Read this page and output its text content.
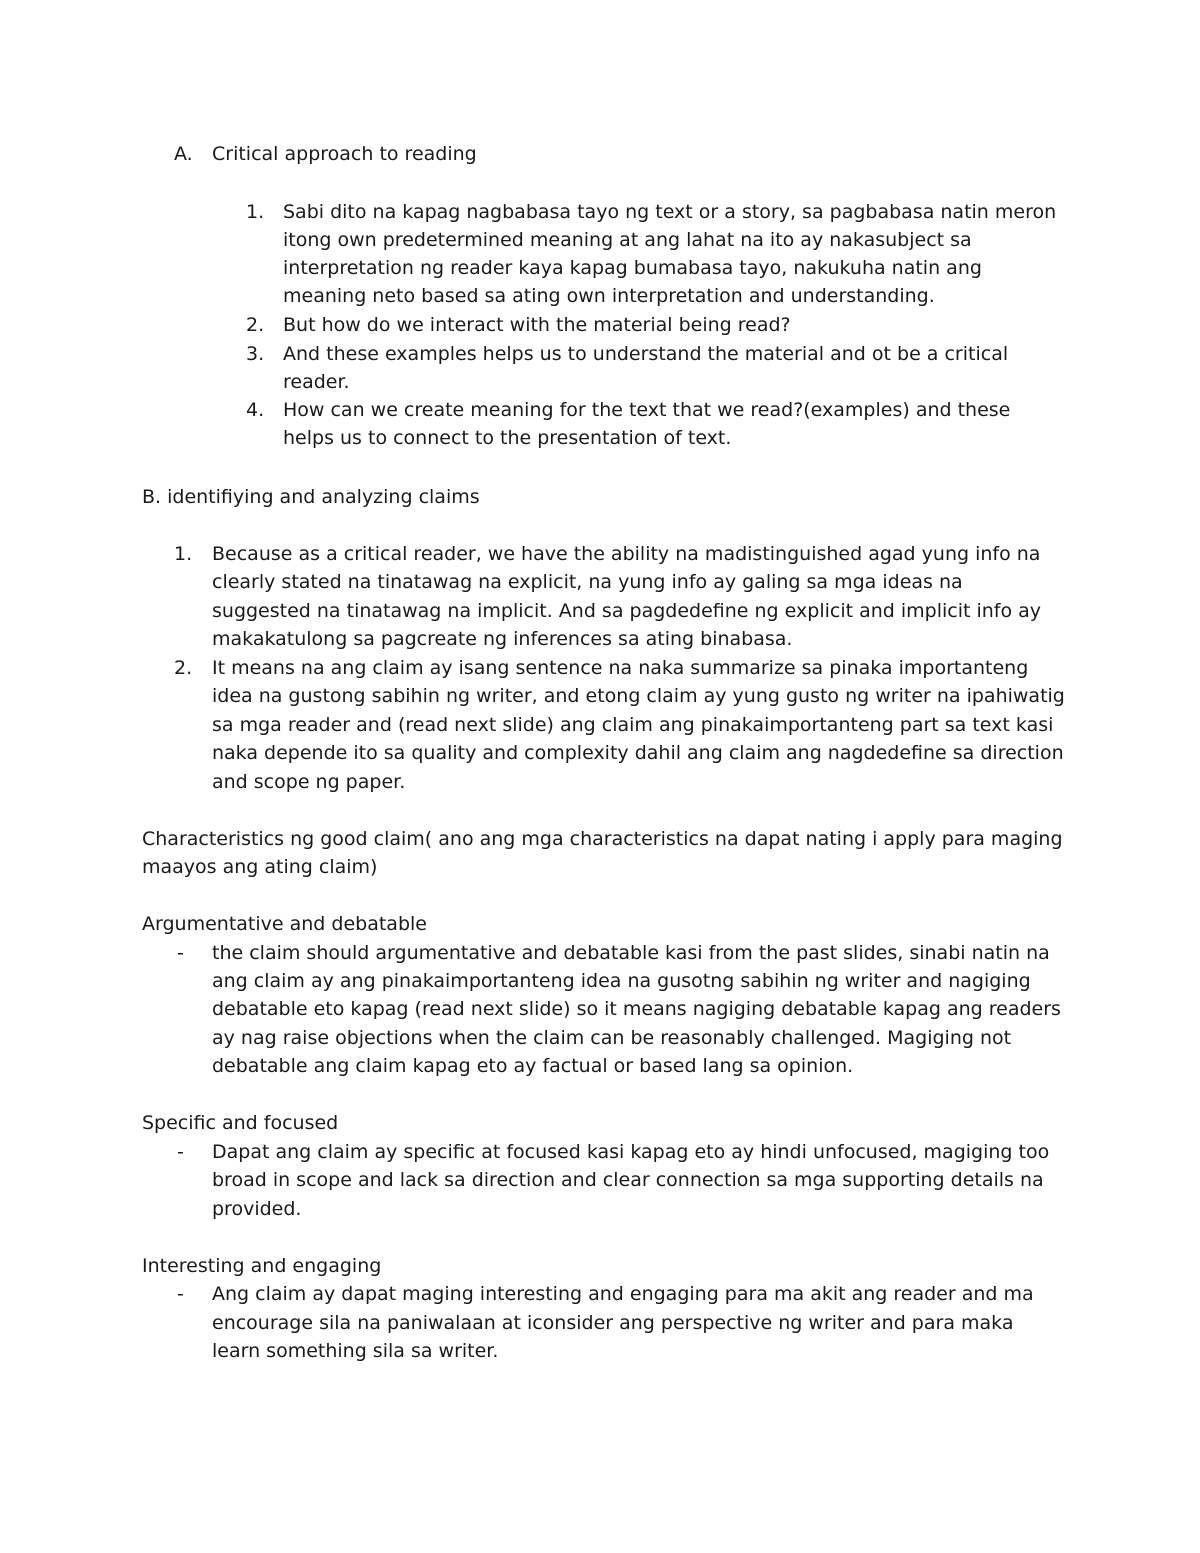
A. Critical approach to reading
1. Sabi dito na kapag nagbabasa tayo ng text or a story, sa pagbabasa natin meron
itong own predetermined meaning at ang lahat na ito ay nakasubject sa
interpretation ng reader kaya kapag bumabasa tayo, nakukuha natin ang
meaning neto based sa ating own interpretation and understanding.
2. But how do we interact with the material being read?
3. And these examples helps us to understand the material and ot be a critical
reader.
4. How can we create meaning for the text that we read?(examples) and these
helps us to connect to the presentation of text.
B. identifiying and analyzing claims
1. Because as a critical reader, we have the ability na madistinguished agad yung info na
clearly stated na tinatawag na explicit, na yung info ay galing sa mga ideas na
suggested na tinatawag na implicit. And sa pagdedefine ng explicit and implicit info ay
makakatulong sa pagcreate ng inferences sa ating binabasa.
2. It means na ang claim ay isang sentence na naka summarize sa pinaka importanteng
idea na gustong sabihin ng writer, and etong claim ay yung gusto ng writer na ipahiwatig
sa mga reader and (read next slide) ang claim ang pinakaimportanteng part sa text kasi
naka depende ito sa quality and complexity dahil ang claim ang nagdedefine sa direction
and scope ng paper.
Characteristics ng good claim( ano ang mga characteristics na dapat nating i apply para maging
maayos ang ating claim)
Argumentative and debatable
- the claim should argumentative and debatable kasi from the past slides, sinabi natin na
ang claim ay ang pinakaimportanteng idea na gusotng sabihin ng writer and nagiging
debatable eto kapag (read next slide) so it means nagiging debatable kapag ang readers
ay nag raise objections when the claim can be reasonably challenged. Magiging not
debatable ang claim kapag eto ay factual or based lang sa opinion.
Specific and focused
- Dapat ang claim ay specific at focused kasi kapag eto ay hindi unfocused, magiging too
broad in scope and lack sa direction and clear connection sa mga supporting details na
provided.
Interesting and engaging
- Ang claim ay dapat maging interesting and engaging para ma akit ang reader and ma
encourage sila na paniwalaan at iconsider ang perspective ng writer and para maka
learn something sila sa writer.
